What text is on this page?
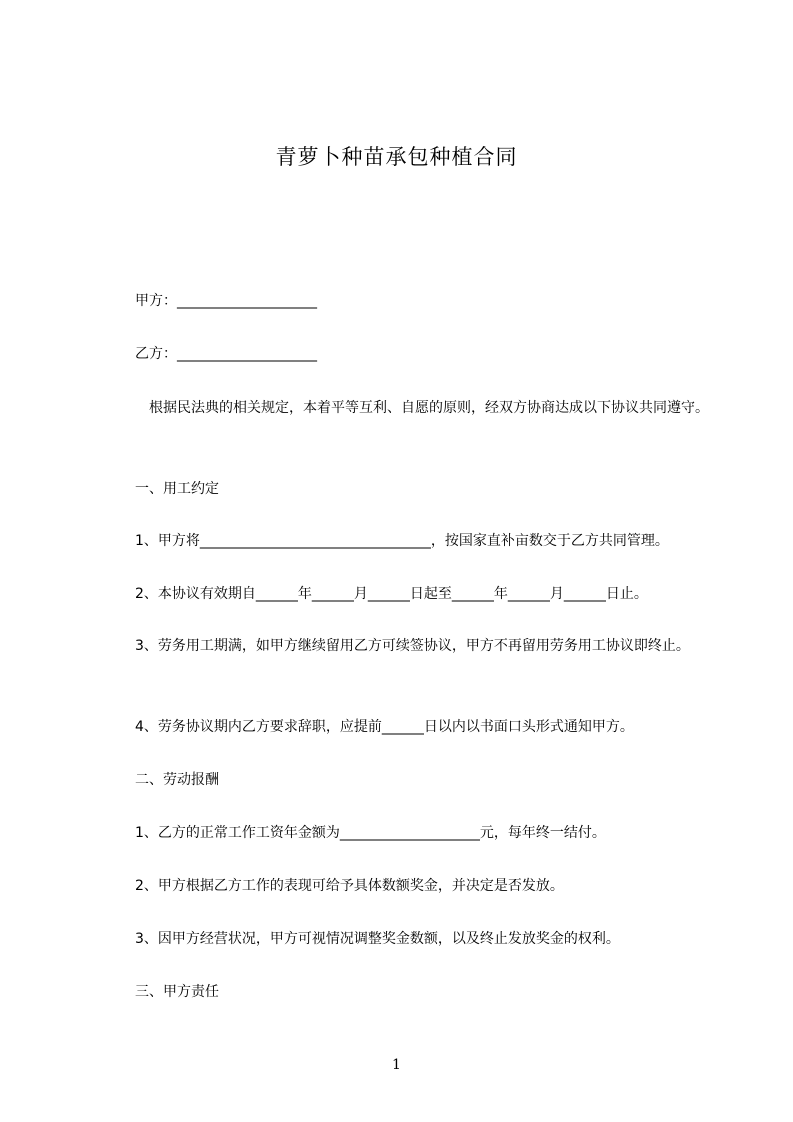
青萝卜种苗承包种植合同
甲方：____________________
乙方：____________________
　根据民法典的相关规定，本着平等互利、自愿的原则，经双方协商达成以下协议共同遵守。
一、用工约定
1、甲方将_________________________________，按国家直补亩数交于乙方共同管理。
2、本协议有效期自______年______月______日起至______年______月______日止。
3、劳务用工期满，如甲方继续留用乙方可续签协议，甲方不再留用劳务用工协议即终止。
4、劳务协议期内乙方要求辞职，应提前______日以内以书面口头形式通知甲方。
二、劳动报酬
1、乙方的正常工作工资年金额为____________________元，每年终一结付。
2、甲方根据乙方工作的表现可给予具体数额奖金，并决定是否发放。
3、因甲方经营状况，甲方可视情况调整奖金数额，以及终止发放奖金的权利。
三、甲方责任
1
